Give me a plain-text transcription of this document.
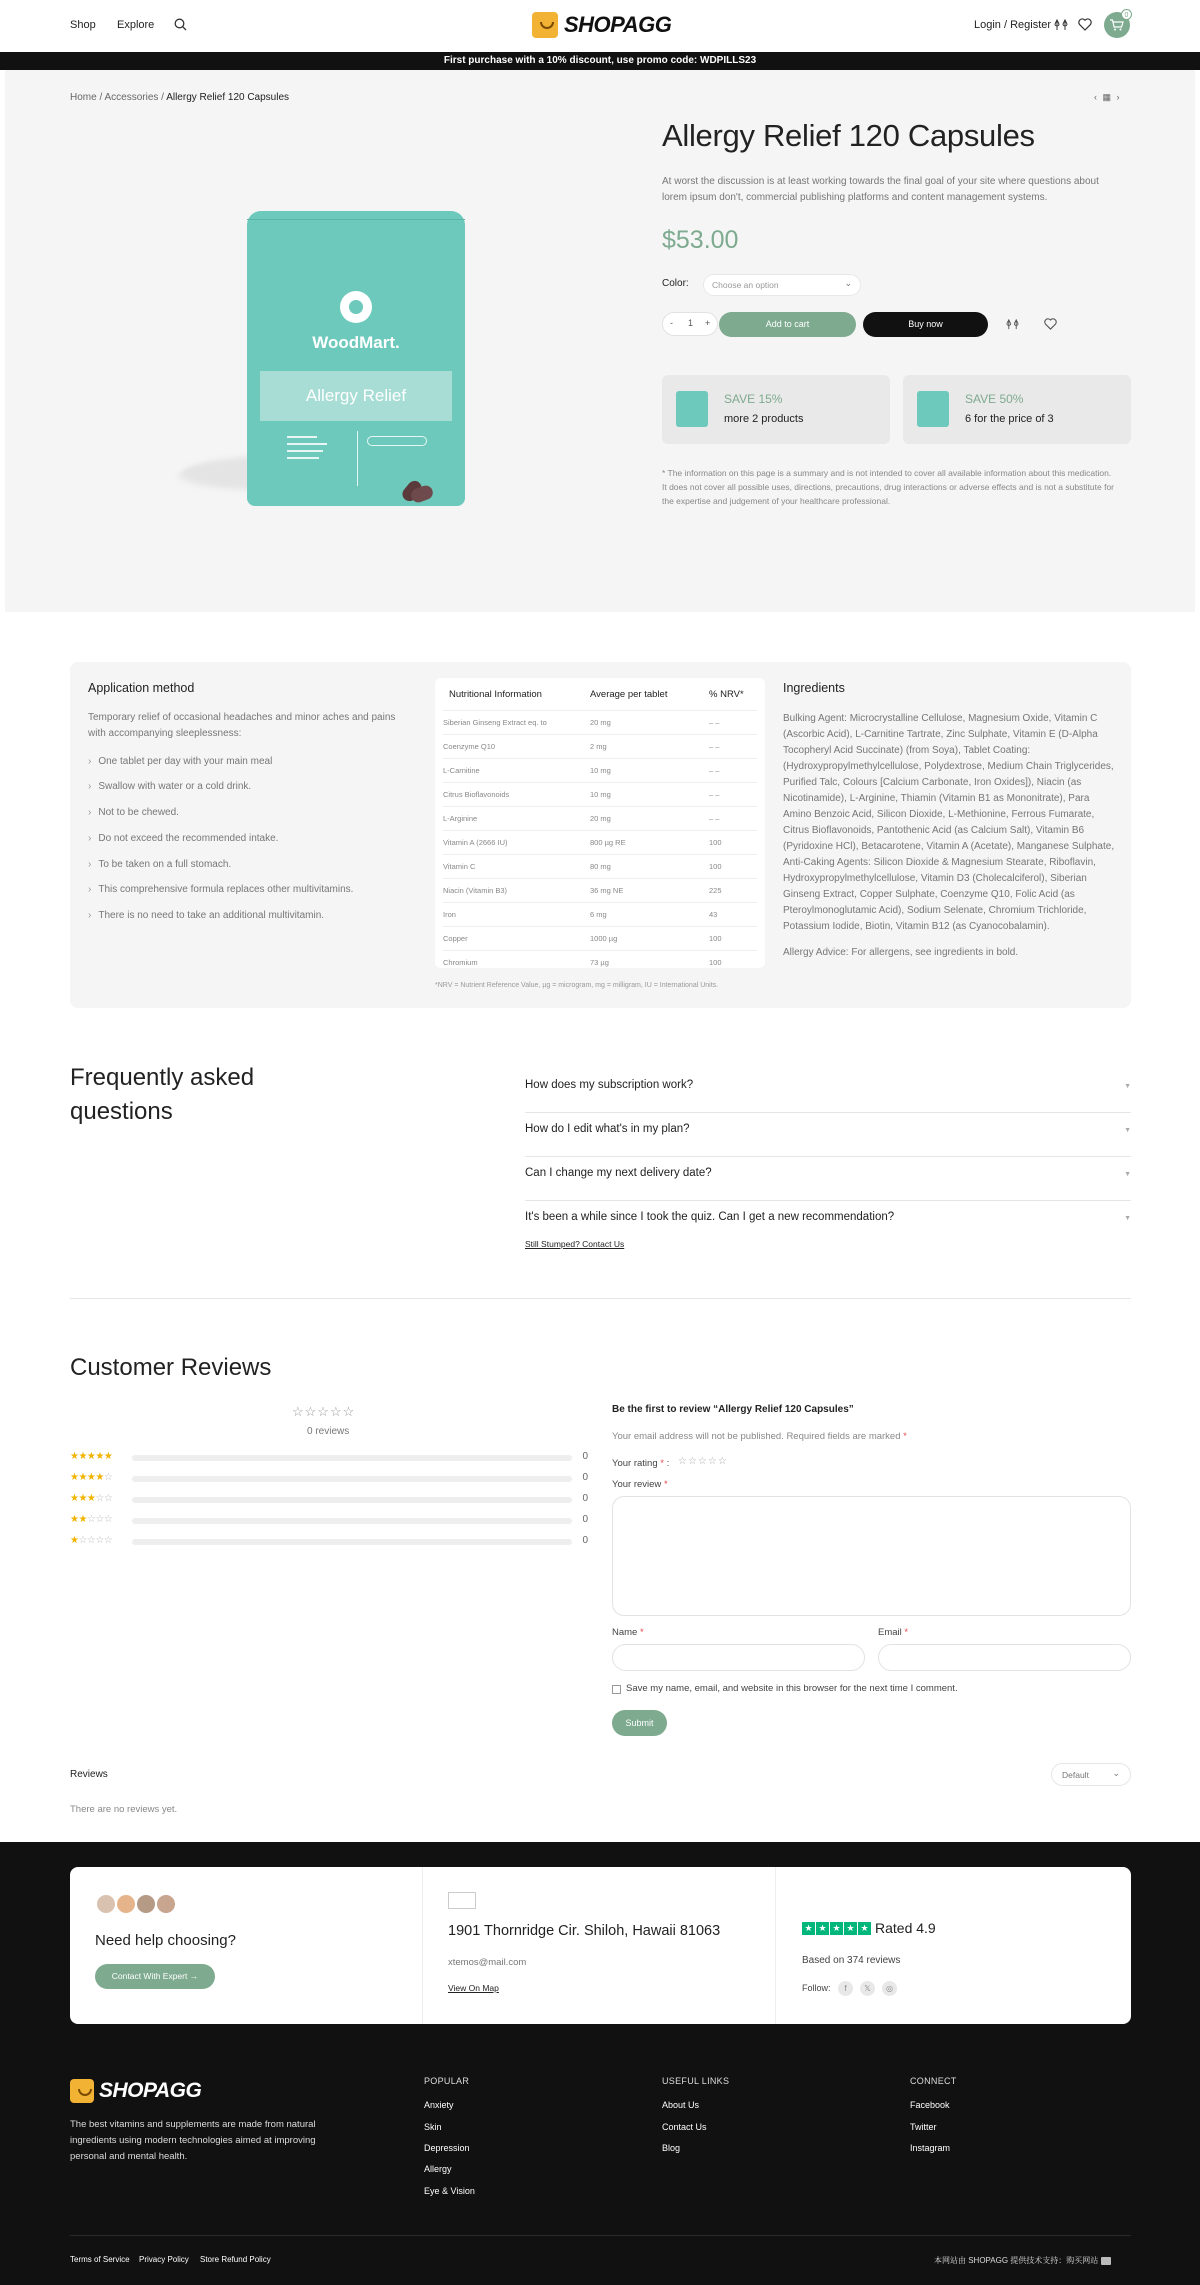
Shop Explore	SHOPAGG	Login / Register
0
First purchase with a 10% discount, use promo code: WDPILLS23
Home / Accessories / Allergy Relief 120 Capsules	‹ ▦ ›
WoodMart.
Allergy Relief
Allergy Relief 120 Capsules

At worst the discussion is at least working towards the final goal of your site where questions about lorem ipsum don't, commercial publishing platforms and content management systems.

$53.00
Color:	Choose an option	⌄
- 1 +	Add to cart	Buy now
SAVE 15%
more 2 products
SAVE 50%
6 for the price of 3

* The information on this page is a summary and is not intended to cover all available information about this medication. It does not cover all possible uses, directions, precautions, drug interactions or adverse effects and is not a substitute for the expertise and judgement of your healthcare professional.

Application method

Temporary relief of occasional headaches and minor aches and pains with accompanying sleeplessness:

› One tablet per day with your main meal
› Swallow with water or a cold drink.
› Not to be chewed.
› Do not exceed the recommended intake.
› To be taken on a full stomach.
› This comprehensive formula replaces other multivitamins.
› There is no need to take an additional multivitamin.
Nutritional Information	Average per tablet	% NRV*
Siberian Ginseng Extract eq. to	20 mg	– –
Coenzyme Q10	2 mg	– –
L-Carnitine	10 mg	– –
Citrus Bioflavonoids	10 mg	– –
L-Arginine	20 mg	– –
Vitamin A (2666 IU)	800 µg RE	100
Vitamin C	80 mg	100
Niacin (Vitamin B3)	36 mg NE	225
Iron	6 mg	43
Copper	1000 µg	100
Chromium	73 µg	100
*NRV = Nutrient Reference Value, µg = microgram, mg = milligram, IU = International Units.
Ingredients

Bulking Agent: Microcrystalline Cellulose, Magnesium Oxide, Vitamin C (Ascorbic Acid), L-Carnitine Tartrate, Zinc Sulphate, Vitamin E (D-Alpha Tocopheryl Acid Succinate) (from Soya), Tablet Coating: (Hydroxypropylmethylcellulose, Polydextrose, Medium Chain Triglycerides, Purified Talc, Colours [Calcium Carbonate, Iron Oxides]), Niacin (as Nicotinamide), L-Arginine, Thiamin (Vitamin B1 as Mononitrate), Para Amino Benzoic Acid, Silicon Dioxide, L-Methionine, Ferrous Fumarate, Citrus Bioflavonoids, Pantothenic Acid (as Calcium Salt), Vitamin B6 (Pyridoxine HCl), Betacarotene, Vitamin A (Acetate), Manganese Sulphate, Anti-Caking Agents: Silicon Dioxide & Magnesium Stearate, Riboflavin, Hydroxypropylmethylcellulose, Vitamin D3 (Cholecalciferol), Siberian Ginseng Extract, Copper Sulphate, Coenzyme Q10, Folic Acid (as Pteroylmonoglutamic Acid), Sodium Selenate, Chromium Trichloride, Potassium Iodide, Biotin, Vitamin B12 (as Cyanocobalamin).

Allergy Advice: For allergens, see ingredients in bold.

Frequently asked
questions
How does my subscription work?	▼
How do I edit what's in my plan?	▼
Can I change my next delivery date?	▼
It's been a while since I took the quiz. Can I get a new recommendation?	▼
Still Stumped? Contact Us
Customer Reviews
☆☆☆☆☆
0 reviews
★★★★★	0
★★★★☆	0
★★★☆☆	0
★★☆☆☆	0
★☆☆☆☆	0
Be the first to review “Allergy Relief 120 Capsules”
Your email address will not be published. Required fields are marked *
Your rating * : ☆☆☆☆☆
Your review *
Name *	Email *
Save my name, email, and website in this browser for the next time I comment.
Submit
Reviews	Default	⌄
There are no reviews yet.
Need help choosing?
Contact With Expert →
1901 Thornridge Cir. Shiloh, Hawaii 81063
xtemos@mail.com
View On Map
★ ★ ★ ★ ★ Rated 4.9
Based on 374 reviews
Follow:	f	𝕏	◎
SHOPAGG

The best vitamins and supplements are made from natural ingredients using modern technologies aimed at improving personal and mental health.

POPULAR
Anxiety
Skin
Depression
Allergy
Eye & Vision
USEFUL LINKS
About Us
Contact Us
Blog
CONNECT
Facebook
Twitter
Instagram
Terms of Service Privacy Policy Store Refund Policy	本网站由 SHOPAGG 提供技术支持：购买网站
